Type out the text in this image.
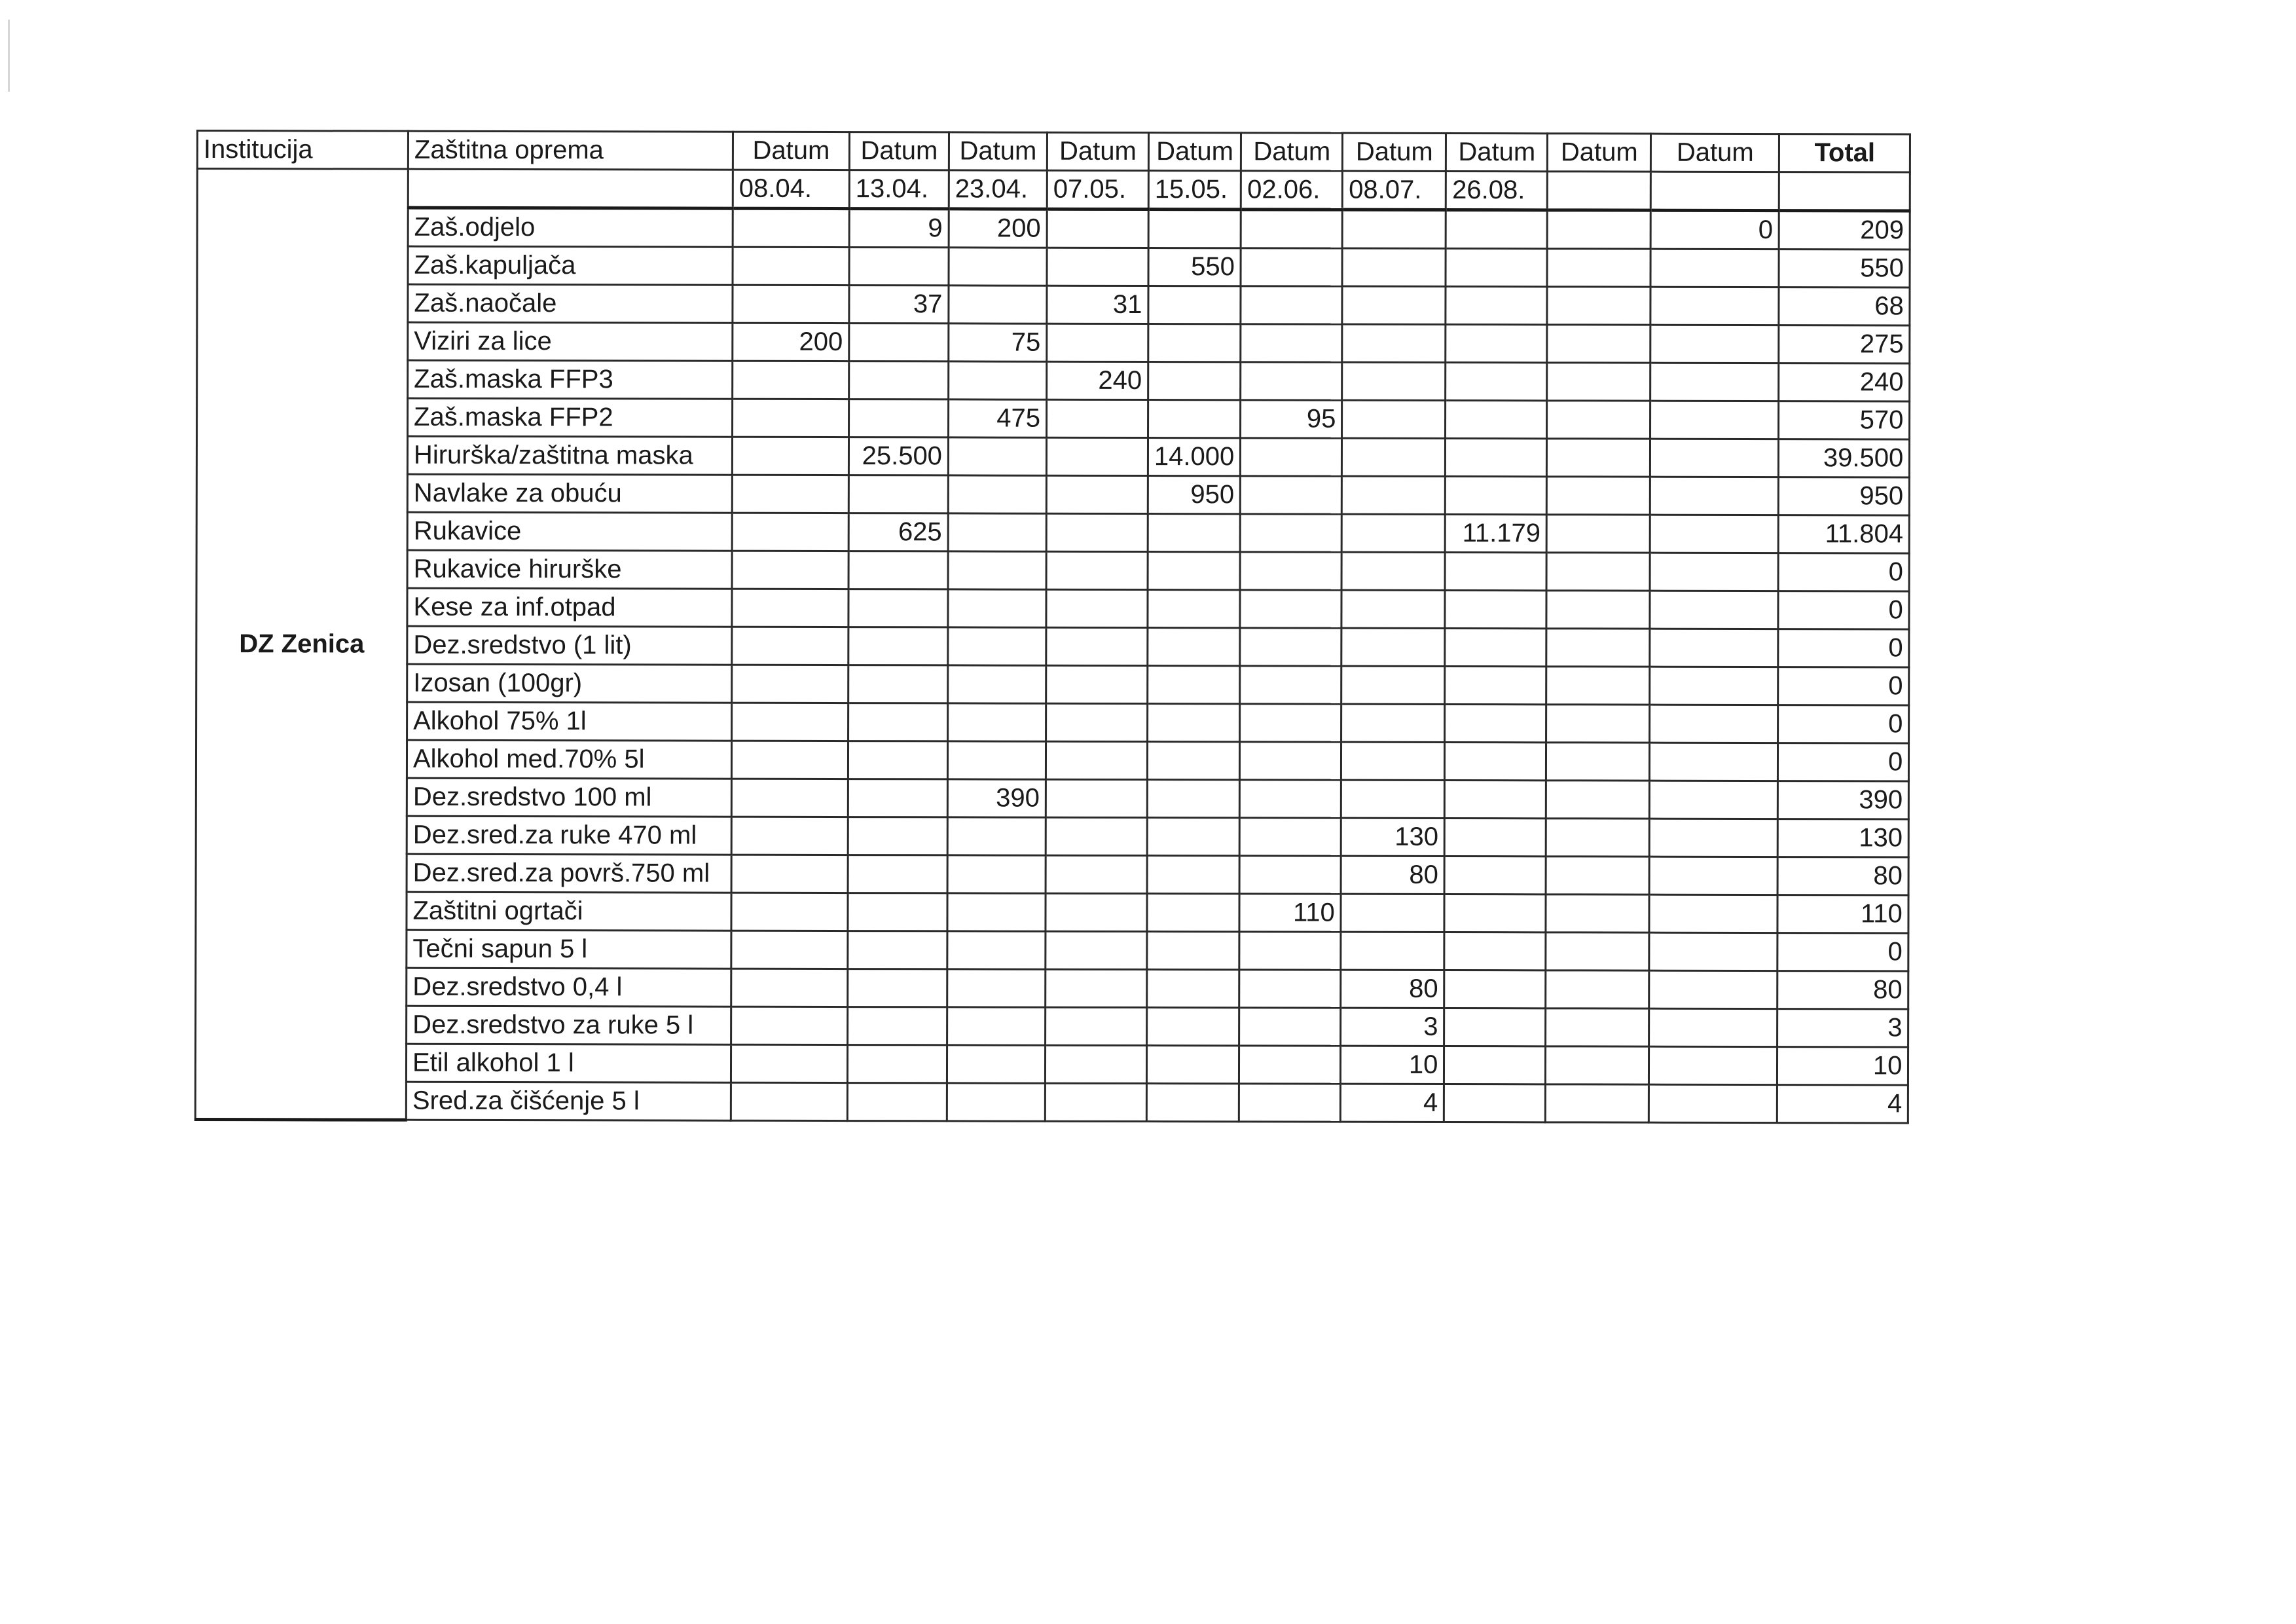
Institucija	Zaštitna oprema	Datum	Datum	Datum	Datum	Datum	Datum	Datum	Datum	Datum	Datum	Total
DZ Zenica		08.04.	13.04.	23.04.	07.05.	15.05.	02.06.	08.07.	26.08.			
	Zaš.odjelo		9	200							0	209
	Zaš.kapuljača					550						550
	Zaš.naočale		37		31							68
	Viziri za lice	200		75								275
	Zaš.maska FFP3				240							240
	Zaš.maska FFP2			475			95					570
	Hirurška/zaštitna maska		25.500			14.000						39.500
	Navlake za obuću					950						950
	Rukavice		625						11.179			11.804
	Rukavice hirurške											0
	Kese za inf.otpad											0
	Dez.sredstvo (1 lit)											0
	Izosan (100gr)											0
	Alkohol 75% 1l											0
	Alkohol med.70% 5l											0
	Dez.sredstvo 100 ml			390								390
	Dez.sred.za ruke 470 ml							130				130
	Dez.sred.za površ.750 ml							80				80
	Zaštitni ogrtači						110					110
	Tečni sapun 5 l											0
	Dez.sredstvo 0,4 l							80				80
	Dez.sredstvo za ruke 5 l							3				3
	Etil alkohol 1 l							10				10
	Sred.za čišćenje 5 l							4				4
